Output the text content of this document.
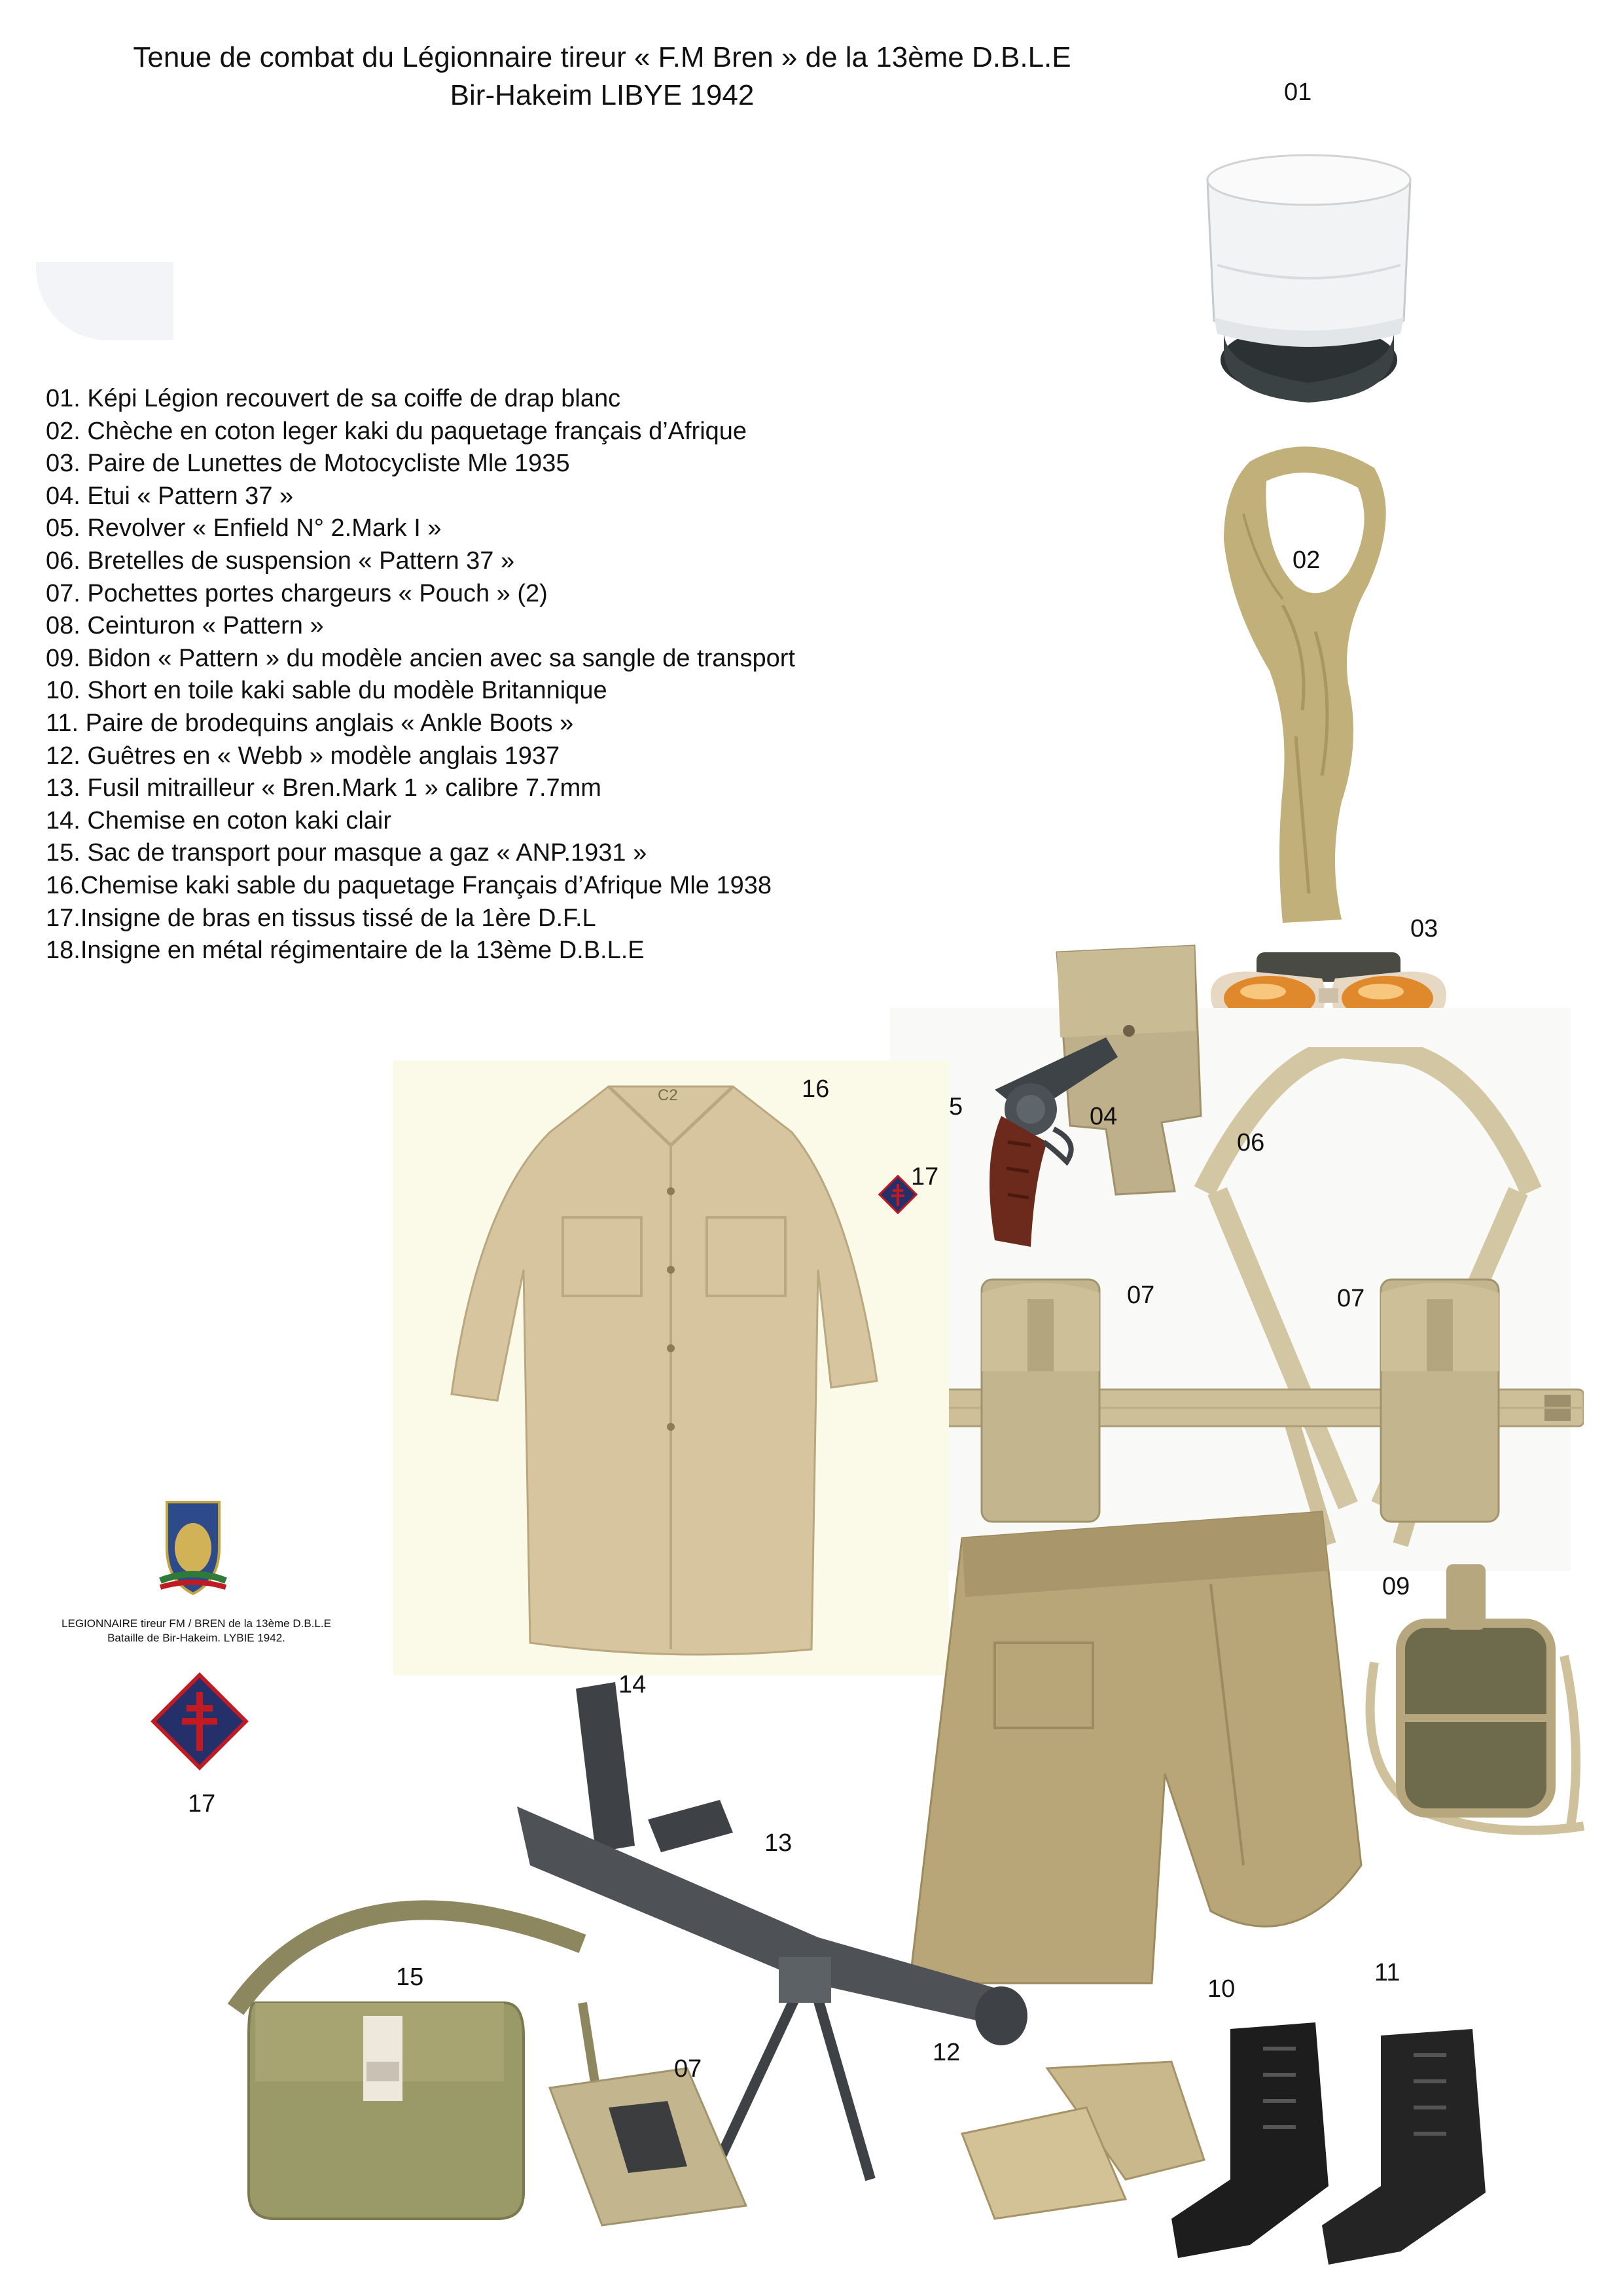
Tenue de combat du Légionnaire tireur « F.M Bren » de la 13ème D.B.L.E
Bir-Hakeim LIBYE 1942
01. Képi Légion recouvert de sa coiffe de drap blanc
02. Chèche en coton leger kaki du paquetage français d’Afrique
03. Paire de Lunettes de Motocycliste Mle 1935
04. Etui « Pattern 37 »
05. Revolver « Enfield N° 2.Mark I »
06. Bretelles de suspension « Pattern 37 »
07. Pochettes portes chargeurs « Pouch » (2)
08. Ceinturon « Pattern »
09. Bidon « Pattern » du modèle ancien avec sa sangle de transport
10. Short en toile kaki sable du modèle Britannique
11. Paire de brodequins anglais « Ankle Boots »
12. Guêtres en « Webb » modèle anglais 1937
13. Fusil mitrailleur « Bren.Mark 1 » calibre 7.7mm
14. Chemise en coton kaki clair
15. Sac de transport pour masque a gaz « ANP.1931 »
16.Chemise kaki sable du paquetage Français d’Afrique Mle 1938
17.Insigne de bras en tissus tissé de la 1ère D.F.L
18.Insigne en métal régimentaire de la 13ème D.B.L.E
01
02
03
04
5
06
07	07
C2	16
17
LEGIONNAIRE tireur FM / BREN de la 13ème D.B.L.E
Bataille de Bir-Hakeim. LYBIE 1942.
17
14
10
09
13
12
11
15
07
